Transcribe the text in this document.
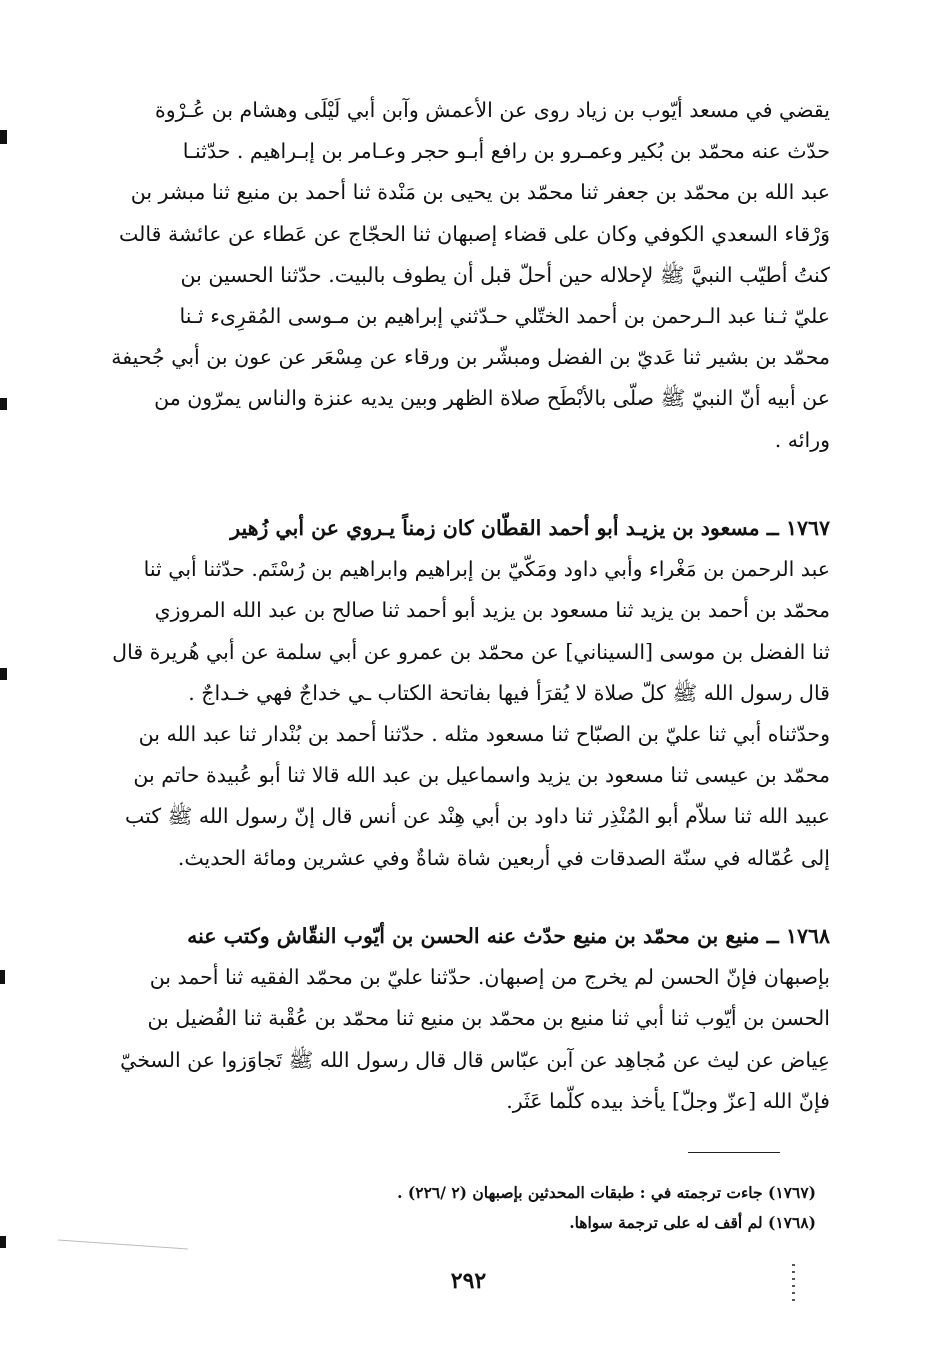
يقضي في مسعد أيّوب بن زياد روى عن الأعمش وآبن أبي لَيْلَى وهشام بن عُـرْوة

حدّث عنه محمّد بن بُكير وعمـرو بن رافع أبـو حجر وعـامر بن إبـراهيم . حدّثنـا

عبد الله بن محمّد بن جعفر ثنا محمّد بن يحيى بن مَنْدة ثنا أحمد بن منيع ثنا مبشر بن

وَرْقاء السعدي الكوفي وكان على قضاء إصبهان ثنا الحجّاج عن عَطاء عن عائشة قالت

كنتُ أطيّب النبيَّ ﷺ لإحلاله حين أحلّ قبل أن يطوف بالبيت. حدّثنا الحسين بن

عليّ ثـنا عبد الـرحمن بن أحمد الختّلي حـدّثني إبراهيم بن مـوسى المُقرِىء ثـنا

محمّد بن بشير ثنا عَديّ بن الفضل ومبشّر بن ورقاء عن مِسْعَر عن عون بن أبي جُحيفة

عن أبيه أنّ النبيّ ﷺ صلّى بالأبْطَح صلاة الظهر وبين يديه عنزة والناس يمرّون من

ورائه .

١٧٦٧ ــ مسعود بن يزيـد أبو أحمد القطّان كان زمناً يـروي عن أبي زُهير

عبد الرحمن بن مَغْراء وأبي داود ومَكّيّ بن إبراهيم وابراهيم بن رُسْتَم. حدّثنا أبي ثنا

محمّد بن أحمد بن يزيد ثنا مسعود بن يزيد أبو أحمد ثنا صالح بن عبد الله المروزي

ثنا الفضل بن موسى [السيناني] عن محمّد بن عمرو عن أبي سلمة عن أبي هُريرة قال

قال رسول الله ﷺ كلّ صلاة لا يُقرَأ فيها بفاتحة الكتاب ـي خداجٌ فهي خـداجٌ .

وحدّثناه أبي ثنا عليّ بن الصبّاح ثنا مسعود مثله . حدّثنا أحمد بن بُنْدار ثنا عبد الله بن

محمّد بن عيسى ثنا مسعود بن يزيد واسماعيل بن عبد الله قالا ثنا أبو عُبيدة حاتم بن

عبيد الله ثنا سلاّم أبو المُنْذِر ثنا داود بن أبي هِنْد عن أنس قال إنّ رسول الله ﷺ كتب

إلى عُمّاله في سنّة الصدقات في أربعين شاة شاةٌ وفي عشرين ومائة الحديث.

١٧٦٨ ــ منيع بن محمّد بن منيع حدّث عنه الحسن بن أيّوب النقّاش وكتب عنه

بإصبهان فإنّ الحسن لم يخرج من إصبهان. حدّثنا عليّ بن محمّد الفقيه ثنا أحمد بن

الحسن بن أيّوب ثنا أبي ثنا منيع بن محمّد بن منيع ثنا محمّد بن عُقْبة ثنا الفُضيل بن

عِياض عن ليث عن مُجاهِد عن آبن عبّاس قال قال رسول الله ﷺ تَجاوَزوا عن السخيّ

فإنّ الله [عزّ وجلّ] يأخذ بيده كلّما عَثَر.

(١٧٦٧) جاءت ترجمته في : طبقات المحدثين بإصبهان (٢ /٢٢٦) .
(١٧٦٨) لم أقف له على ترجمة سواها.
٢٩٢
